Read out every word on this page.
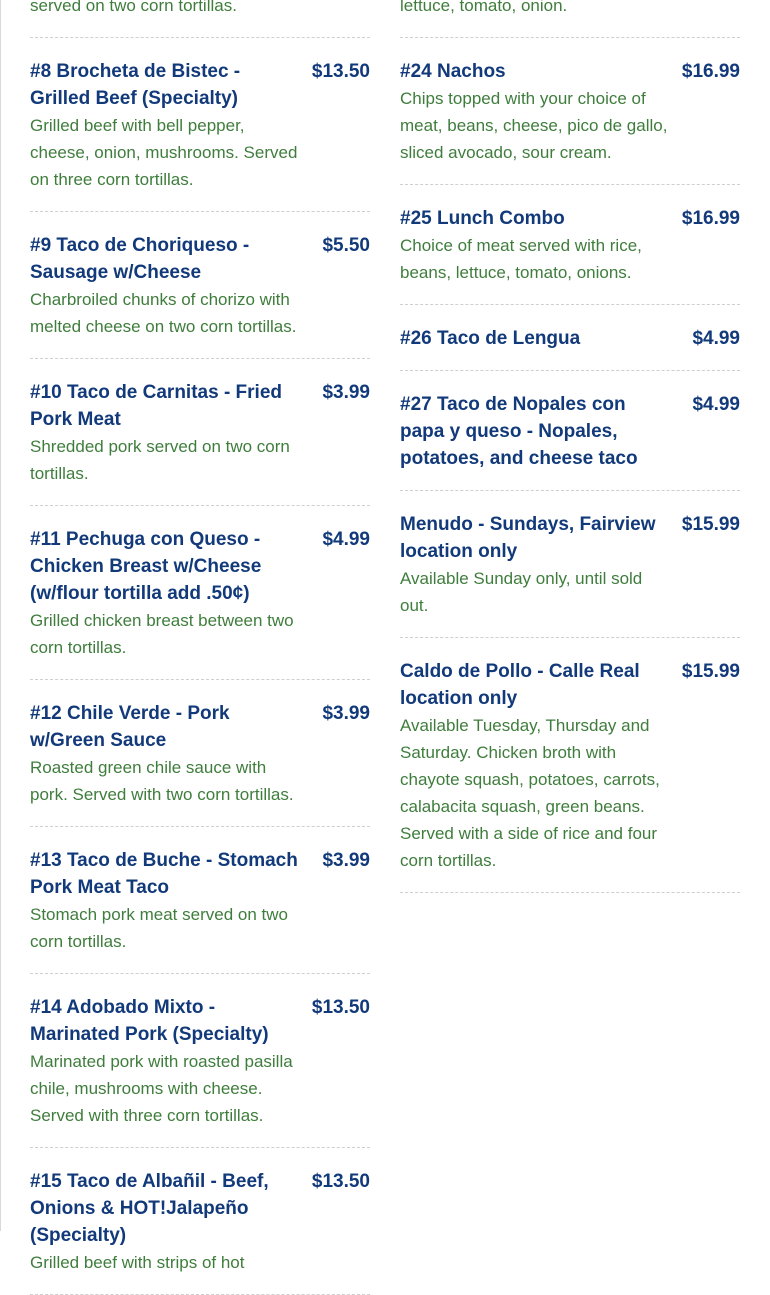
served on two corn tortillas.
#8 Brocheta de Bistec - Grilled Beef (Specialty)
Grilled beef with bell pepper, cheese, onion, mushrooms. Served on three corn tortillas.
$13.50
#9 Taco de Choriqueso - Sausage w/Cheese
Charbroiled chunks of chorizo with melted cheese on two corn tortillas.
$5.50
#10 Taco de Carnitas - Fried Pork Meat
Shredded pork served on two corn tortillas.
$3.99
#11 Pechuga con Queso - Chicken Breast w/Cheese (w/flour tortilla add .50¢)
Grilled chicken breast between two corn tortillas.
$4.99
#12 Chile Verde - Pork w/Green Sauce
Roasted green chile sauce with pork. Served with two corn tortillas.
$3.99
#13 Taco de Buche - Stomach Pork Meat Taco
Stomach pork meat served on two corn tortillas.
$3.99
#14 Adobado Mixto - Marinated Pork (Specialty)
Marinated pork with roasted pasilla chile, mushrooms with cheese. Served with three corn tortillas.
$13.50
#15 Taco de Albañil - Beef, Onions & HOT!Jalapeño (Specialty)
Grilled beef with strips of hot
$13.50
lettuce, tomato, onion.
#24 Nachos
Chips topped with your choice of meat, beans, cheese, pico de gallo, sliced avocado, sour cream.
$16.99
#25 Lunch Combo
Choice of meat served with rice, beans, lettuce, tomato, onions.
$16.99
#26 Taco de Lengua	$4.99
#27 Taco de Nopales con papa y queso - Nopales, potatoes, and cheese taco
$4.99
Menudo - Sundays, Fairview location only
Available Sunday only, until sold out.
$15.99
Caldo de Pollo - Calle Real location only
Available Tuesday, Thursday and Saturday. Chicken broth with chayote squash, potatoes, carrots, calabacita squash, green beans. Served with a side of rice and four corn tortillas.
$15.99
